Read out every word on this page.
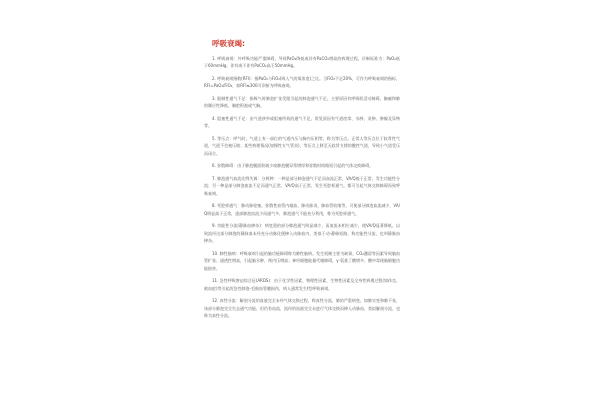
呼吸衰竭:

1. 呼吸衰竭：外呼吸功能严重障碍，导致PaO₂降低或伴有PaCO₂增高的病理过程。诊断标准为：PaO₂低于60mmHg，伴有或不伴有PaCO₂高于50mmHg。

2. 呼吸衰竭指数(RFI)：指PaO₂与FiO₂(吸入气的氧浓度)之比。当FiO₂不足20%，可作为呼吸衰竭的指标，RFI=PaO₂/FiO₂，如RFI≤300可诊断为呼吸衰竭。

3. 限制性通气不足：指吸气时肺泡扩张受限引起的肺泡通气不足。主要原因有呼吸肌活动障碍、胸廓和肺的顺应性降低、胸腔积液或气胸。

4. 阻塞性通气不足：由气道狭窄或阻塞所致的通气不足。常见原因有气道痉挛、水肿、炎肿、肿瘤及异物等。

5. 等压点：呼气时，气道上有一部位的气道内压与胸内压相等，称为等压点。正常人等压点位于软骨性气道，气道不会被压缩；某些病理情况(如慢性支气管炎)，等压点上移至无软骨支撑的膜性气道，导致小气道受压而闭合。

6. 弥散障碍：由于肺泡膜面积减少或肺泡膜异常增厚和弥散时间缩短引起的气体交换障碍。

7. 肺泡通气血流比例失调：分两种：一种是部分肺泡通气不足而血流正常，VA/Q低于正常，发生功能性分流；另一种是部分肺泡血流不足而通气正常，VA/Q高于正常，发生死腔样通气，都可引起气体交换障碍而致呼吸衰竭。

8. 死腔样通气：肺动脉栓塞、弥散性血管内凝血、肺动脉炎、肺血管收缩等，可使部分肺泡血流减少，VA/Q明显高于正常，患部肺泡血流少而通气多，肺泡通气不能充分利用，称为死腔样通气。

9. 功能性分流(静脉血掺杂)：病变重的部分肺泡通气明显减少，而血流未相应减少，使VA/Q显著降低，以致流经这部分肺泡的静脉血未经充分动脉化便掺入动脉血内，类似于动-静脉短路，称功能性分流，也叫静脉血掺杂。

10. 肺性脑病：呼吸衰竭引起的脑功能障碍称为肺性脑病。发生机制主要为缺氧、CO₂潴留等因素导致脑血管扩张、通透性增高，引起脑水肿，颅内压增高；神经细胞能量代谢障碍，γ-氨基丁酸增多，酸中毒使脑细胞功能损害。

11. 急性呼吸窘迫综合征(ARDS)：由于化学性因素、物理性因素、生物性因素及全身性病理过程(如休克、败血症)等引起的急性肺泡-毛细血管膜损伤，病人通常发生Ⅰ型呼吸衰竭。

12. 真性分流：解剖分流的血液完全未经气体交换过程，称真性分流，肺的严重病变，如肺实变和肺不张，该部分肺泡完全失去通气功能，但仍有血流，流经的血液完全未进行气体交换而掺入动脉血，类似解剖分流，也称为真性分流。
